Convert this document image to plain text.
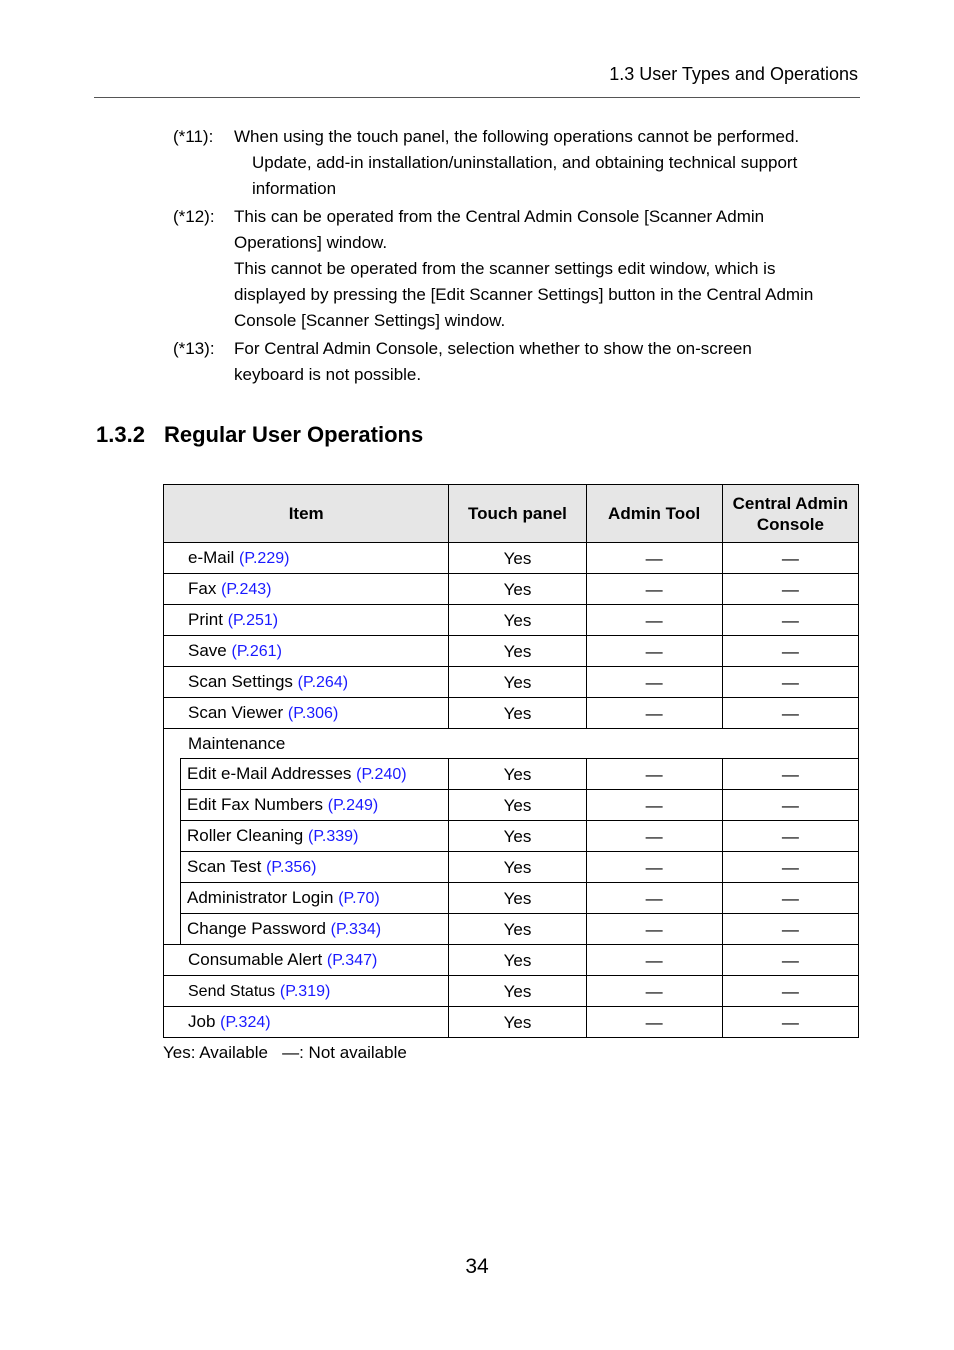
1.3 User Types and Operations
(*11):	When using the touch panel, the following operations cannot be performed.
Update, add-in installation/uninstallation, and obtaining technical support
information
(*12):	This can be operated from the Central Admin Console [Scanner Admin
Operations] window.
This cannot be operated from the scanner settings edit window, which is
displayed by pressing the [Edit Scanner Settings] button in the Central Admin
Console [Scanner Settings] window.
(*13):	For Central Admin Console, selection whether to show the on-screen
keyboard is not possible.
1.3.2 Regular User Operations
Item		Touch panel	Admin Tool	Central Admin Console
e-Mail (P.229)		Yes	—	—
Fax (P.243)		Yes	—	—
Print (P.251)		Yes	—	—
Save (P.261)		Yes	—	—
Scan Settings (P.264)		Yes	—	—
Scan Viewer (P.306)		Yes	—	—
Maintenance				
	Edit e-Mail Addresses (P.240)	Yes	—	—
	Edit Fax Numbers (P.249)	Yes	—	—
	Roller Cleaning (P.339)	Yes	—	—
	Scan Test (P.356)	Yes	—	—
	Administrator Login (P.70)	Yes	—	—
	Change Password (P.334)	Yes	—	—
Consumable Alert (P.347)		Yes	—	—
Send Status (P.319)		Yes	—	—
Job (P.324)		Yes	—	—
Yes: Available   —: Not available
34
